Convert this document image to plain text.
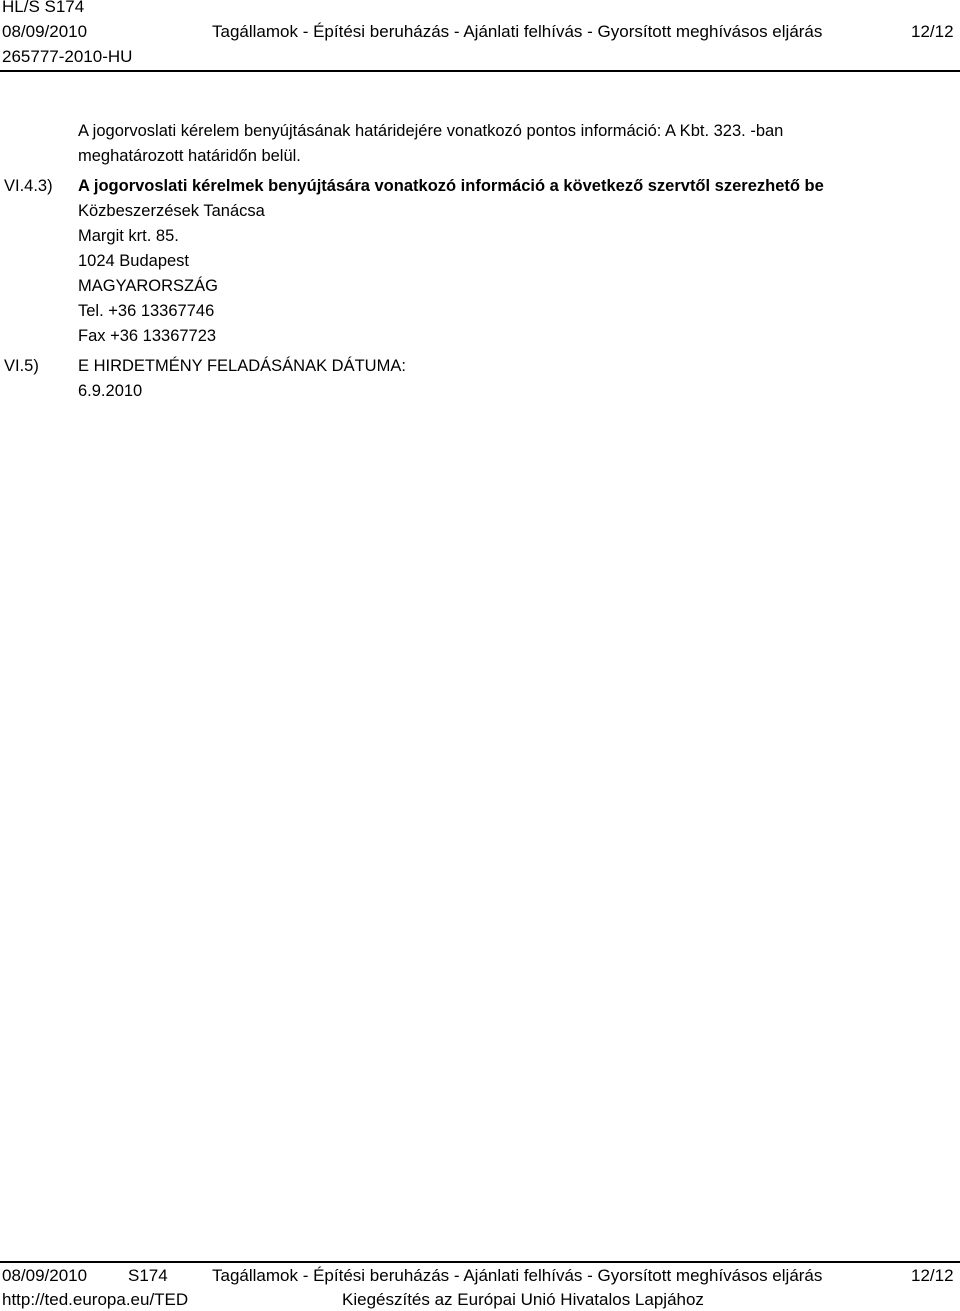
HL/S S174
08/09/2010	Tagállamok - Építési beruházás - Ajánlati felhívás - Gyorsított meghívásos eljárás	12/12
265777-2010-HU
A jogorvoslati kérelem benyújtásának határidejére vonatkozó pontos információ: A Kbt. 323. -ban
meghatározott határidőn belül.
VI.4.3) A jogorvoslati kérelmek benyújtására vonatkozó információ a következő szervtől szerezhető be
Közbeszerzések Tanácsa
Margit krt. 85.
1024 Budapest
MAGYARORSZÁG
Tel. +36 13367746
Fax +36 13367723
VI.5) E HIRDETMÉNY FELADÁSÁNAK DÁTUMA:
6.9.2010
08/09/2010 S174	Tagállamok - Építési beruházás - Ajánlati felhívás - Gyorsított meghívásos eljárás	12/12
http://ted.europa.eu/TED	Kiegészítés az Európai Unió Hivatalos Lapjához
